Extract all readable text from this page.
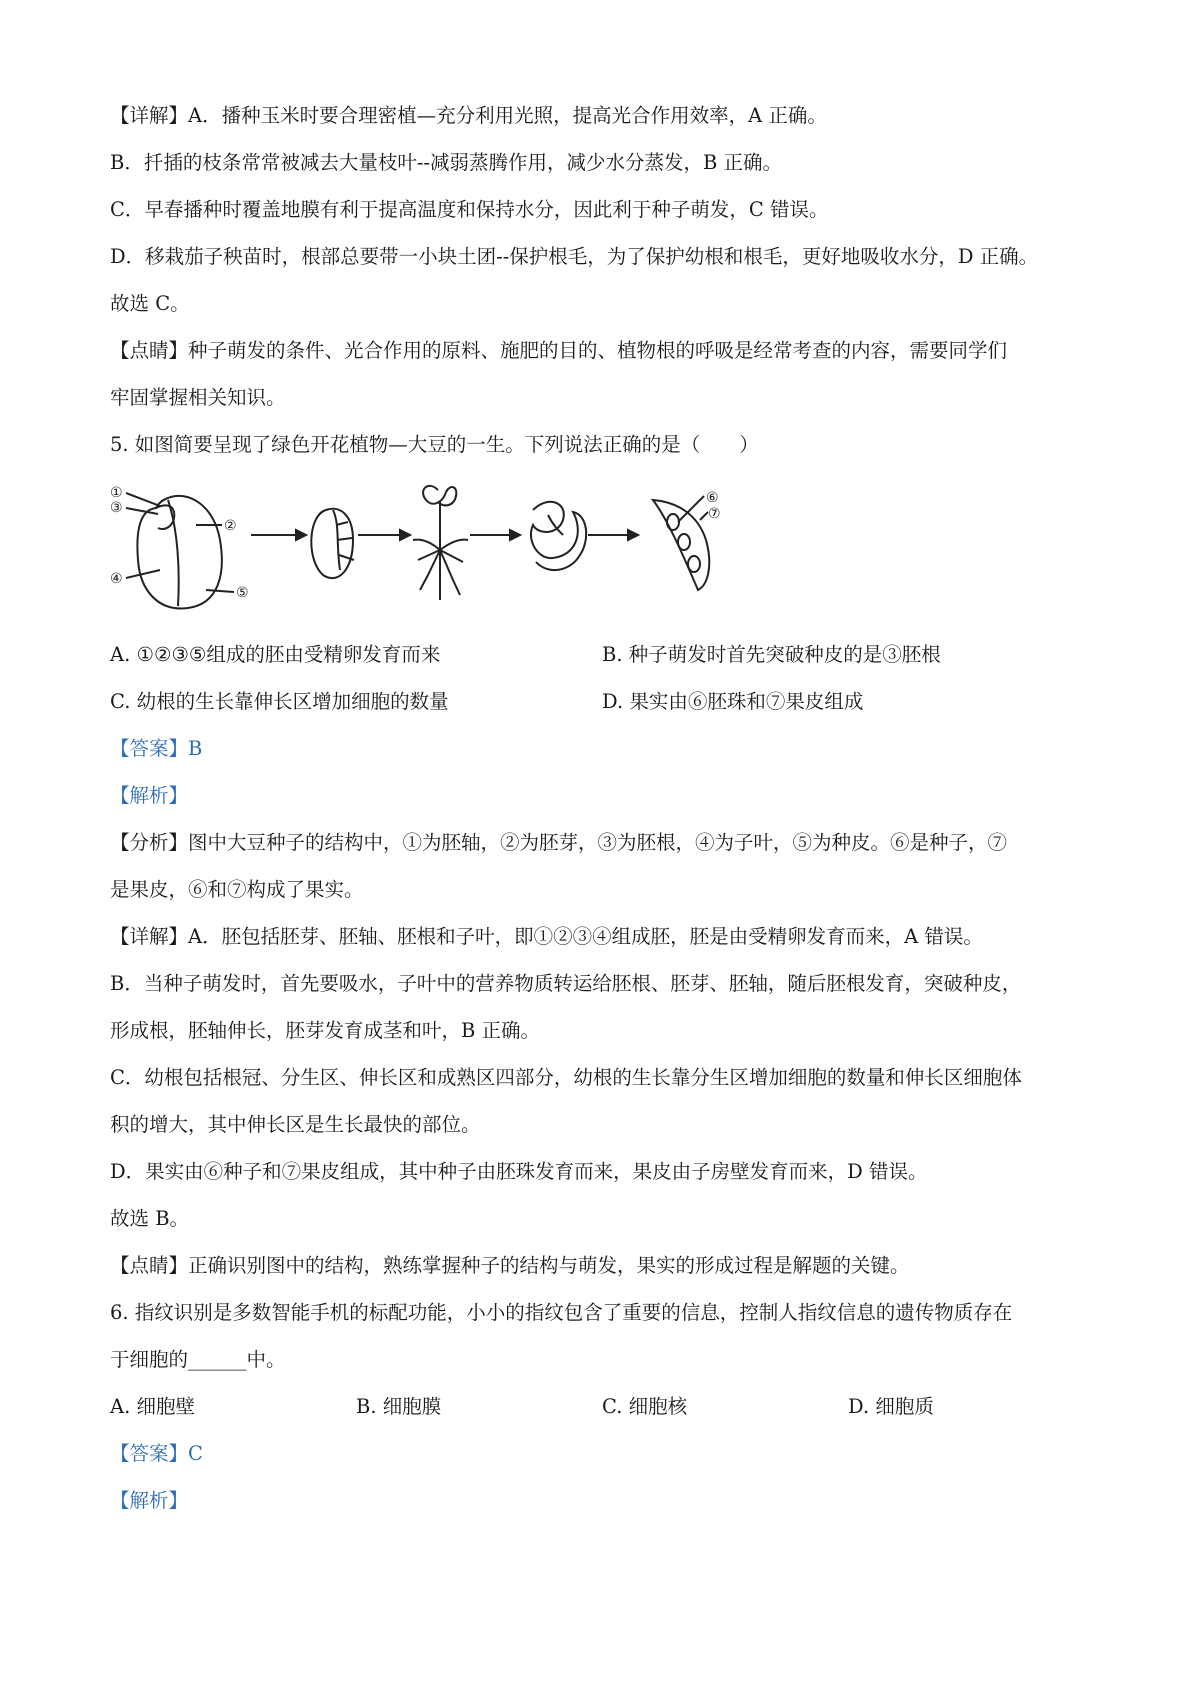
【详解】A．播种玉米时要合理密植—充分利用光照，提高光合作用效率，A 正确。
B．扦插的枝条常常被减去大量枝叶--减弱蒸腾作用，减少水分蒸发，B 正确。
C．早春播种时覆盖地膜有利于提高温度和保持水分，因此利于种子萌发，C 错误。
D．移栽茄子秧苗时，根部总要带一小块土团--保护根毛，为了保护幼根和根毛，更好地吸收水分，D 正确。
故选 C。
【点睛】种子萌发的条件、光合作用的原料、施肥的目的、植物根的呼吸是经常考查的内容，需要同学们
牢固掌握相关知识。
5. 如图简要呈现了绿色开花植物—大豆的一生。下列说法正确的是（　　）
①
③
②
④
⑤
⑥
⑦
A. ①②③⑤组成的胚由受精卵发育而来	B. 种子萌发时首先突破种皮的是③胚根
C. 幼根的生长靠伸长区增加细胞的数量	D. 果实由⑥胚珠和⑦果皮组成
【答案】B
【解析】
【分析】图中大豆种子的结构中，①为胚轴，②为胚芽，③为胚根，④为子叶，⑤为种皮。⑥是种子，⑦
是果皮，⑥和⑦构成了果实。
【详解】A．胚包括胚芽、胚轴、胚根和子叶，即①②③④组成胚，胚是由受精卵发育而来，A 错误。
B．当种子萌发时，首先要吸水，子叶中的营养物质转运给胚根、胚芽、胚轴，随后胚根发育，突破种皮，
形成根，胚轴伸长，胚芽发育成茎和叶，B 正确。
C．幼根包括根冠、分生区、伸长区和成熟区四部分，幼根的生长靠分生区增加细胞的数量和伸长区细胞体
积的增大，其中伸长区是生长最快的部位。
D．果实由⑥种子和⑦果皮组成，其中种子由胚珠发育而来，果皮由子房壁发育而来，D 错误。
故选 B。
【点睛】正确识别图中的结构，熟练掌握种子的结构与萌发，果实的形成过程是解题的关键。
6. 指纹识别是多数智能手机的标配功能，小小的指纹包含了重要的信息，控制人指纹信息的遗传物质存在
于细胞的______中。
A. 细胞壁	B. 细胞膜	C. 细胞核	D. 细胞质
【答案】C
【解析】
